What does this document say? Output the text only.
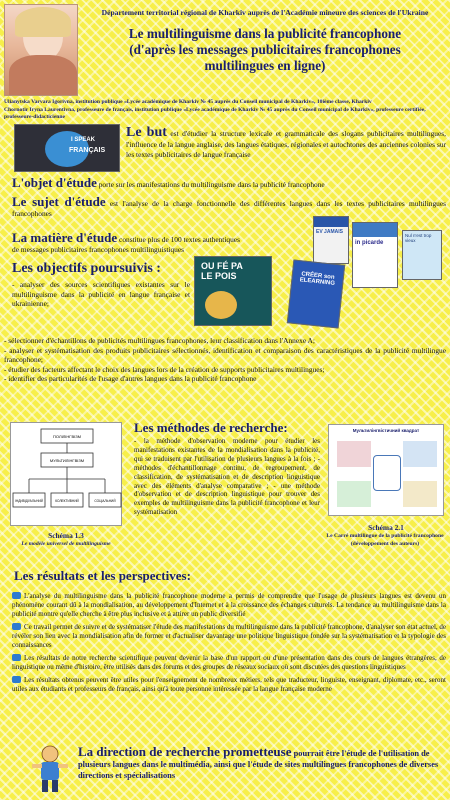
Département territorial régional de Kharkiv auprès de l'Académie mineure des sciences de l'Ukraine
Le multilinguisme dans la publicité francophone
(d'après les messages publicitaires francophones
multilingues en ligne)
Ulianytska Varvara Igorivna, institution publique «Lycée académique de Kharkiv № 45 auprès du Conseil municipal de Kharkiv», 10ième classe, Kharkiv
Chornotir Iryna Laurentivna, professeure de français, institution publique «Lycée académique de Kharkiv № 45 auprès du Conseil municipal de Kharkiv», professeure certifiée, professeure-didacticienne
I SPEAK
FRANÇAIS
Le but est d'étudier la structure lexicale et grammaticale des slogans publicitaires multilingues, l'influence de la langue anglaise, des langues étatiques, régionales et autochtones des anciennes colonies sur les textes publicitaires de langue française
L'objet d'étude porte sur les manifestations du multilinguisme dans la publicité francophone
Le sujet d'étude est l'analyse de la charge fonctionnelle des différentes langues dans les textes publicitaires multilingues francophones
La matière d'étude constitue plus de 100 textes authentiques
de messages publicitaires francophones multilinguistiques
EV JAMAIS
in picarde
Nul n'est trop vieux
OU FÉ PA
LE POIS	CRÉER son ELEARNING
Les objectifs poursuivis :
- analyser des sources scientifiques existantes sur le multilinguisme dans la publicité en langue française et ukrainienne;
- sélectionner d'échantillons de publicités multilingues francophones, leur classification dans l'Annexe A;
- analyser et systématisation des produits publicitaires sélectionnés, identification et comparaison des caractéristiques de la publicité multilingue francophone;
- étudier des facteurs affectant le choix des langues lors de la création de supports publicitaires multilingues;
- identifier des particularités de l'usage d'autres langues dans la publicité francophone
ПОЛІЛІНГВІЗМ
МУЛЬТИЛІНГВІЗМ
ІНДИВІДУАЛЬНИЙ	КОЛЕКТИВНИЙ	СОЦІАЛЬНИЙ
Schéma 1.3
Le modèle universel de multilinguisme
Les méthodes de recherche:
- la méthode d'observation moderne pour étudier les manifestations existantes de la mondialisation dans la publicité, qui se traduisent par l'utilisation de plusieurs langues à la fois ; - méthodes d'échantillonnage continu, de regroupement, de classification, de systématisation et de description linguistique avec des éléments d'analyse comparative ; - une méthode d'observation et de description linguistique pour trouver des exemples de multilinguisme dans la publicité francophone et leur systématisation
Мультилінгвістичний квадрат
Schéma 2.1
Le Carré multilingue de la publicité francophone
(développement des auteurs)
Les résultats et les perspectives:
L'analyse du multilinguisme dans la publicité francophone moderne a permis de comprendre que l'usage de plusieurs langues est devenu un phénomène courant dû à la mondialisation, au développement d'Internet et à la croissance des échanges culturels. La tendance au multilinguisme dans la publicité montre qu'elle cherche à être plus inclusive et à attirer un public diversifié
Ce travail permet de suivre et de systématiser l'étude des manifestations du multilinguisme dans la publicité francophone, d'analyser son état actuel, de révéler son lien avec la mondialisation afin de former et d'actualiser davantage une politique linguistique fondée sur la systématisation et la typologie des connaissances
Les résultats de notre recherche scientifique peuvent devenir la base d'un rapport ou d'une présentation dans des cours de langues étrangères, de linguistique ou même d'histoire, être utilisés dans des forums et des groupes de réseaux sociaux où sont discutées des questions linguistiques
Les résultats obtenus peuvent être utiles pour l'enseignement de nombreux métiers, tels que traducteur, linguiste, enseignant, diplomate, etc., seront utiles aux étudiants et professeurs de français, ainsi qu'à toute personne intéressée par la langue française moderne
La direction de recherche prometteuse pourrait être l'étude de l'utilisation de plusieurs langues dans le multimédia, ainsi que l'étude de sites multilingues francophones de diverses directions et spécialisations
